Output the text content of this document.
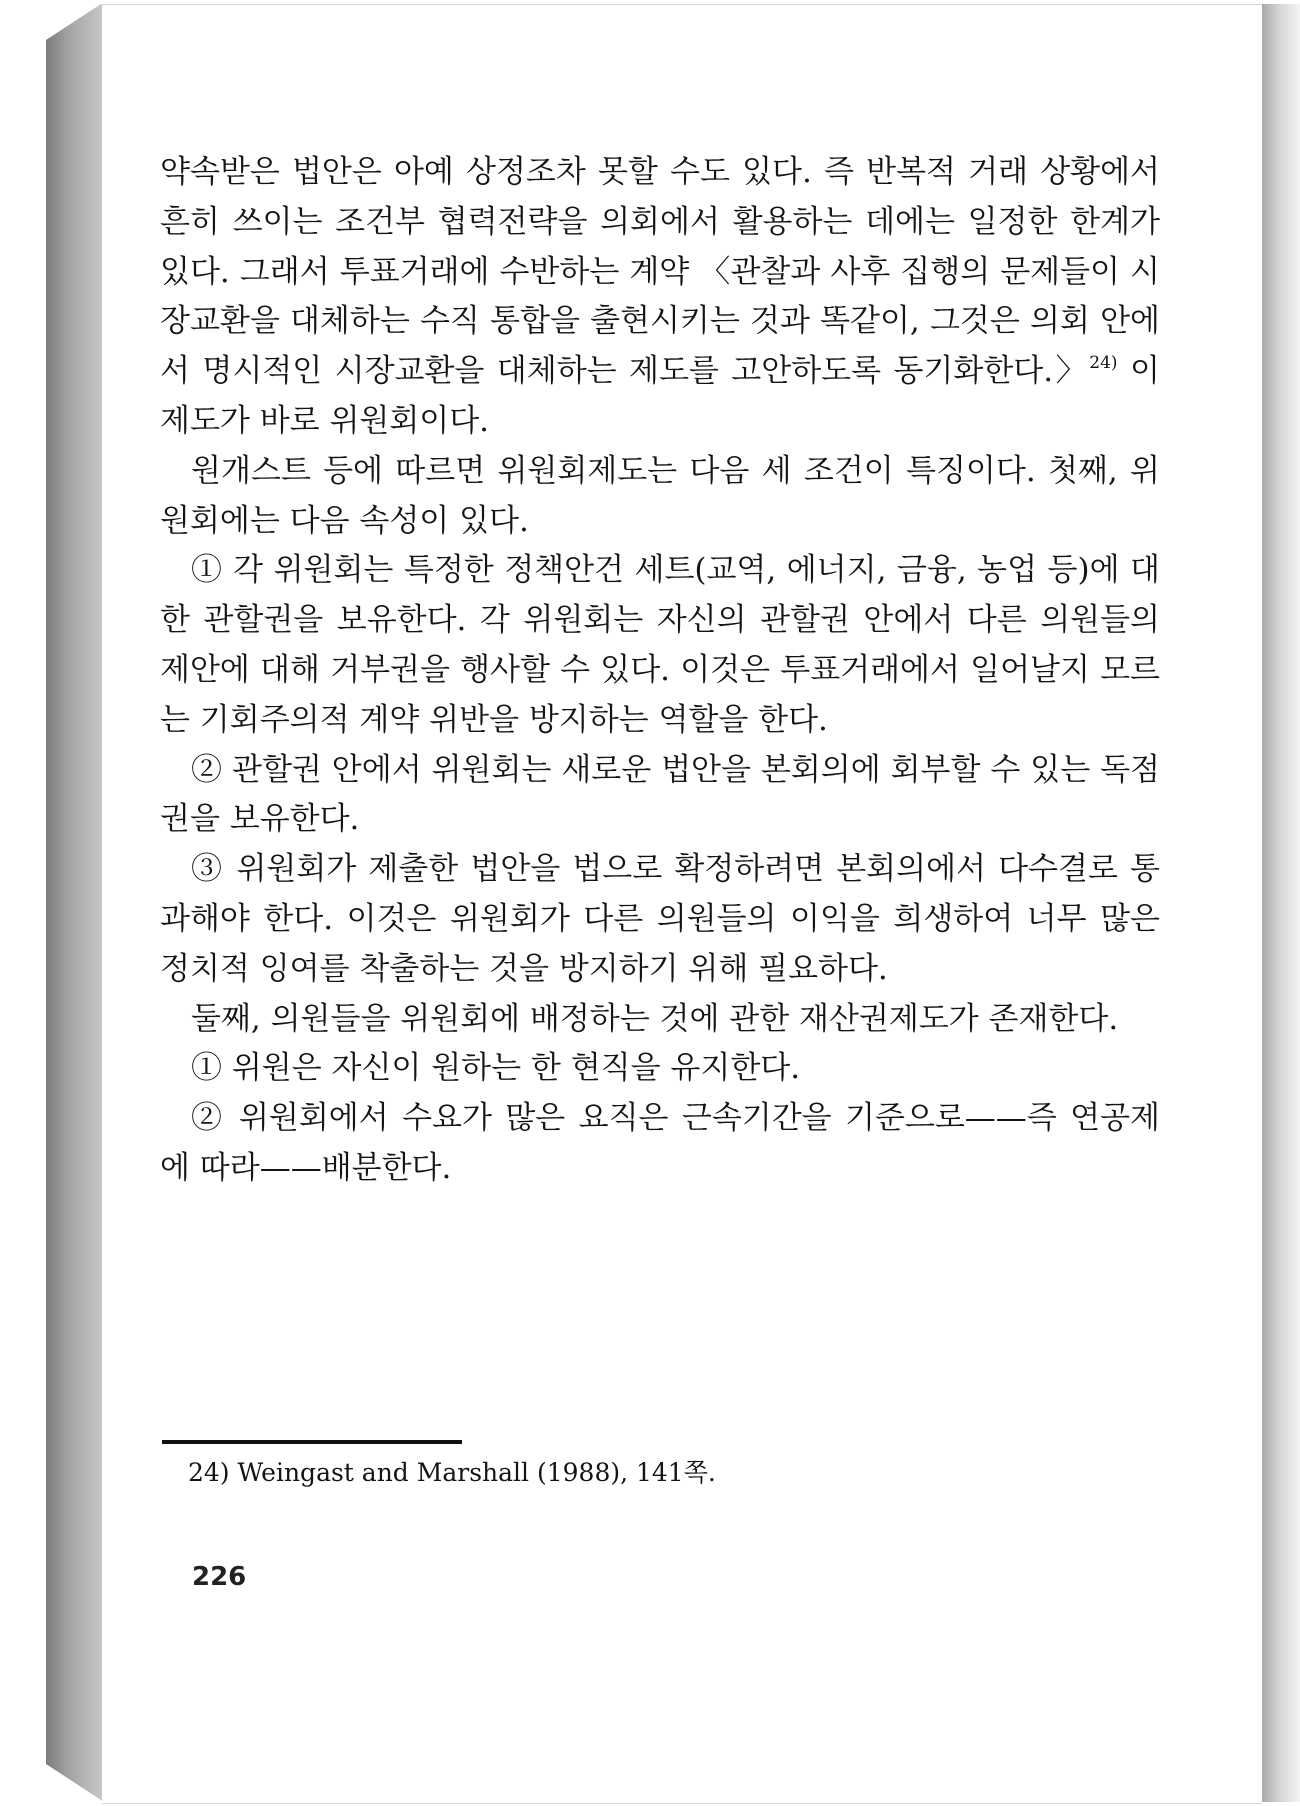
약속받은 법안은 아예 상정조차 못할 수도 있다. 즉 반복적 거래 상황에서 흔히 쓰이는 조건부 협력전략을 의회에서 활용하는 데에는 일정한 한계가 있다. 그래서 투표거래에 수반하는 계약 〈관찰과 사후 집행의 문제들이 시장교환을 대체하는 수직 통합을 출현시키는 것과 똑같이, 그것은 의회 안에서 명시적인 시장교환을 대체하는 제도를 고안하도록 동기화한다.〉$^{24)}$ 이 제도가 바로 위원회이다.

원개스트 등에 따르면 위원회제도는 다음 세 조건이 특징이다. 첫째, 위원회에는 다음 속성이 있다.

① 각 위원회는 특정한 정책안건 세트(교역, 에너지, 금융, 농업 등)에 대한 관할권을 보유한다. 각 위원회는 자신의 관할권 안에서 다른 의원들의 제안에 대해 거부권을 행사할 수 있다. 이것은 투표거래에서 일어날지 모르는 기회주의적 계약 위반을 방지하는 역할을 한다.

② 관할권 안에서 위원회는 새로운 법안을 본회의에 회부할 수 있는 독점권을 보유한다.

③ 위원회가 제출한 법안을 법으로 확정하려면 본회의에서 다수결로 통과해야 한다. 이것은 위원회가 다른 의원들의 이익을 희생하여 너무 많은 정치적 잉여를 착출하는 것을 방지하기 위해 필요하다.

둘째, 의원들을 위원회에 배정하는 것에 관한 재산권제도가 존재한다.

① 위원은 자신이 원하는 한 현직을 유지한다.

② 위원회에서 수요가 많은 요직은 근속기간을 기준으로——즉 연공제에 따라——배분한다.

24) Weingast and Marshall (1988), 141쪽.
226
